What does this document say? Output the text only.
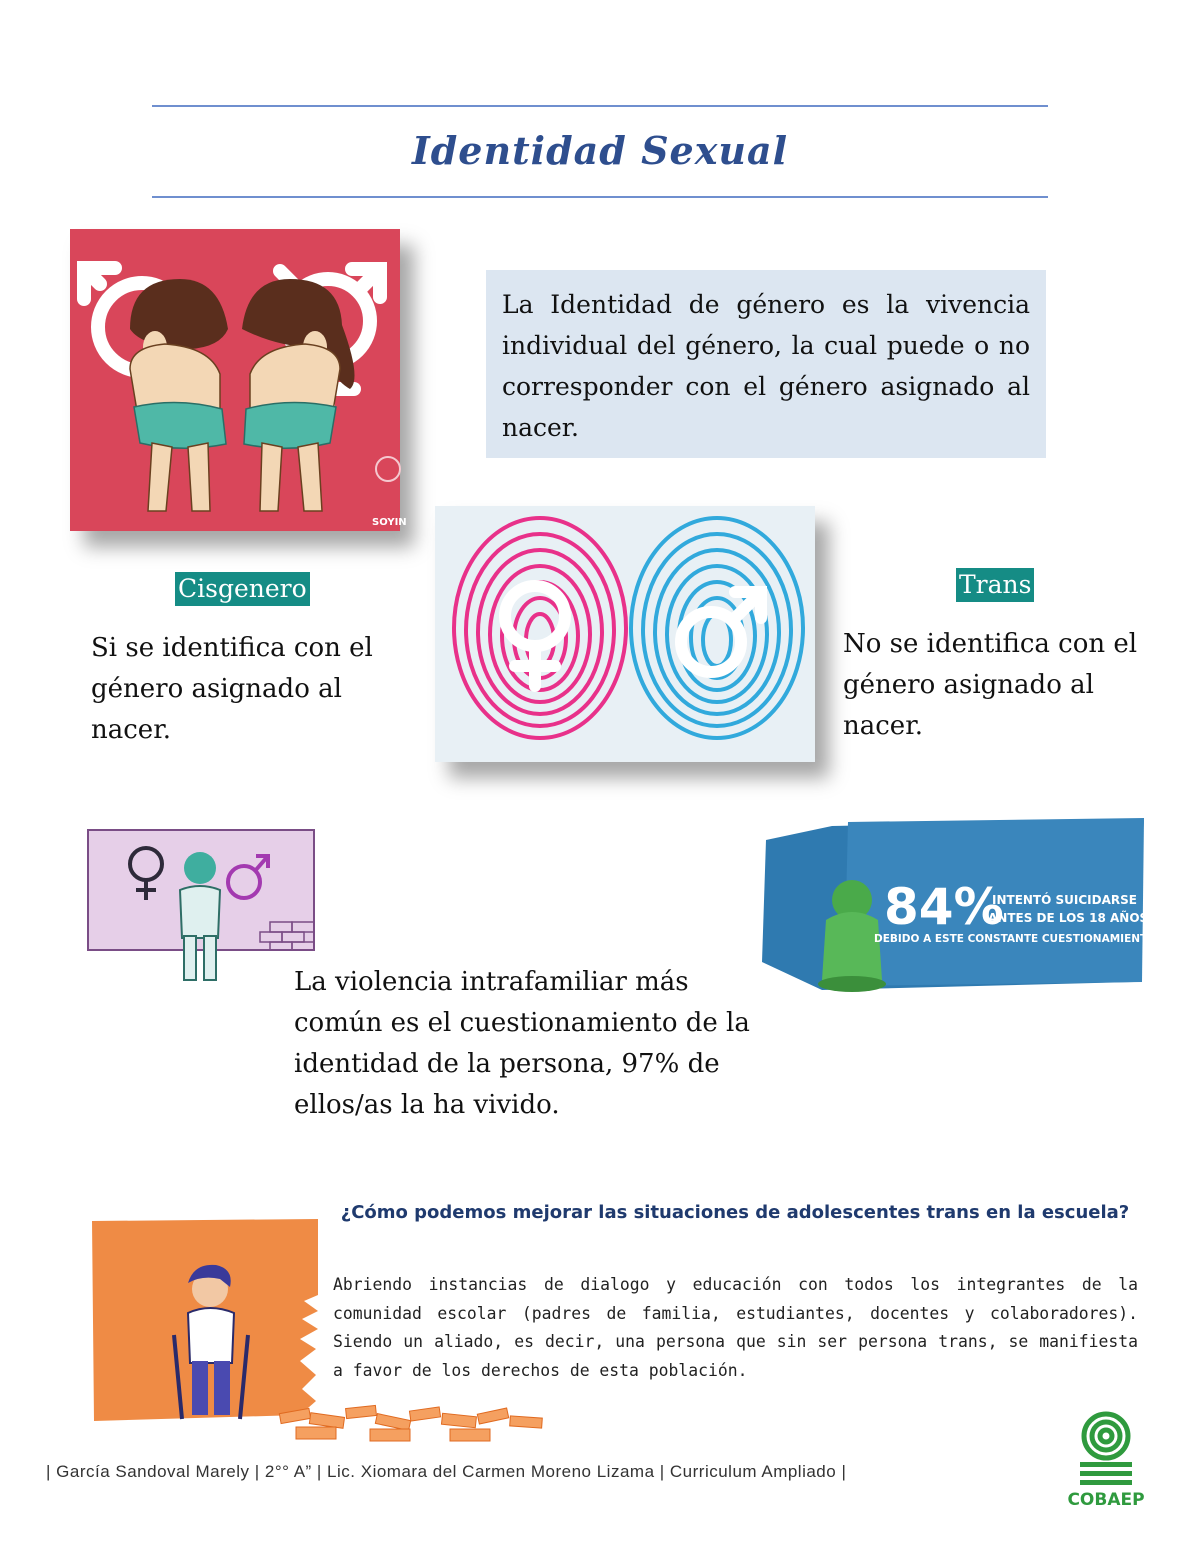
Identidad Sexual
SOYIN
La Identidad de género es la vivencia individual del género, la cual puede o no corresponder con el género asignado al nacer.
Cisgenero

Si se identifica con el género asignado al nacer.

Trans

No se identifica con el género asignado al nacer.

84%
INTENTÓ SUICIDARSE
ANTES DE LOS 18 AÑOS
DEBIDO A ESTE CONSTANTE CUESTIONAMIENTO*

La violencia intrafamiliar más común es el cuestionamiento de la identidad de la persona, 97% de ellos/as la ha vivido.

¿Cómo podemos mejorar las situaciones de adolescentes trans en la escuela?

Abriendo instancias de dialogo y educación con todos los integrantes de la comunidad escolar (padres de familia, estudiantes, docentes y colaboradores). Siendo un aliado, es decir, una persona que sin ser persona trans, se manifiesta a favor de los derechos de esta población.

| García Sandoval Marely | 2°° A” | Lic. Xiomara del Carmen Moreno Lizama | Curriculum Ampliado |
COBAEP
